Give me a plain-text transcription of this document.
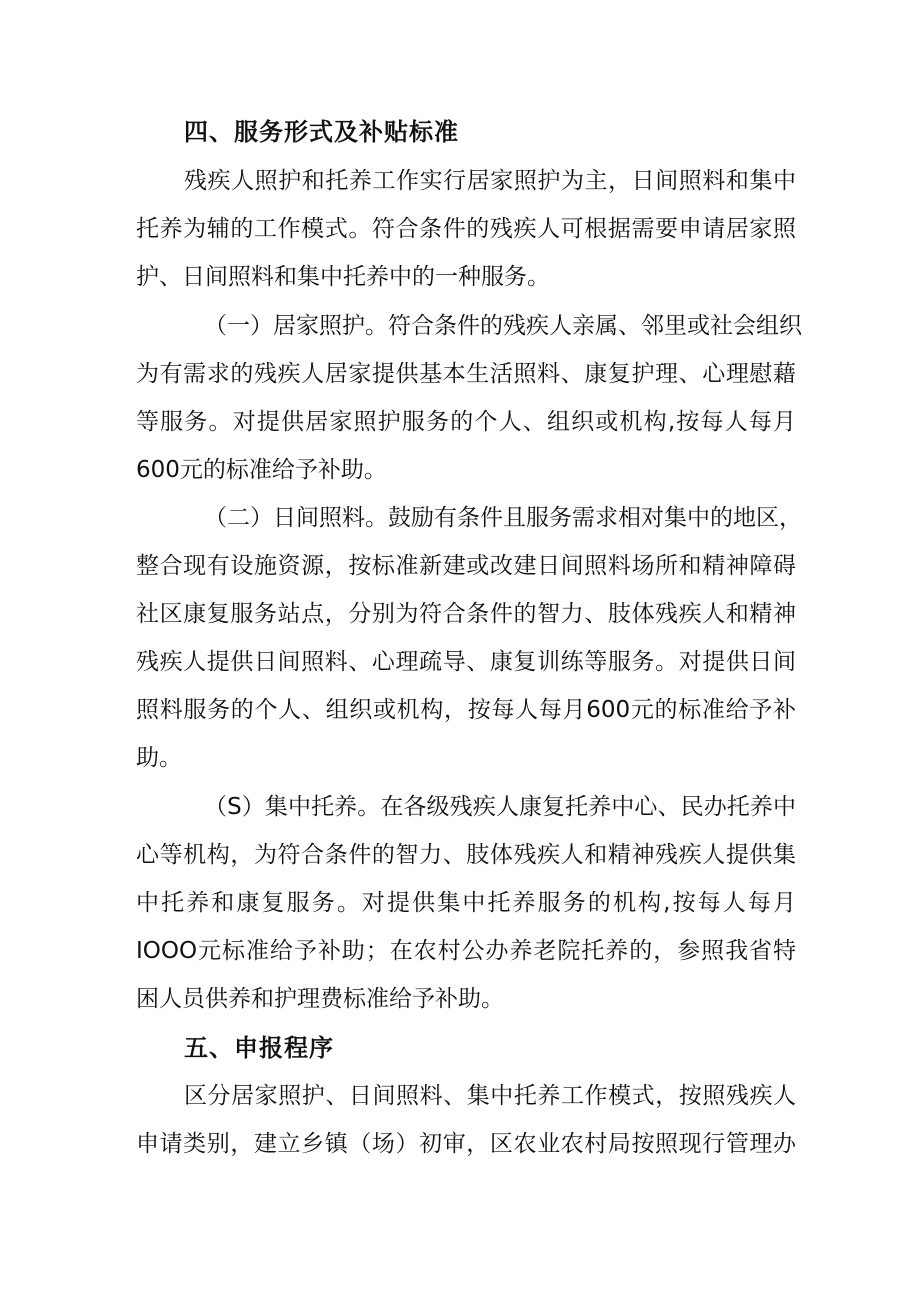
四、服务形式及补贴标准
残疾人照护和托养工作实行居家照护为主，日间照料和集中
托养为辅的工作模式。符合条件的残疾人可根据需要申请居家照
护、日间照料和集中托养中的一种服务。
（一）居家照护。符合条件的残疾人亲属、邻里或社会组织
为有需求的残疾人居家提供基本生活照料、康复护理、心理慰藉
等服务。对提供居家照护服务的个人、组织或机构,按每人每月
600元的标准给予补助。
（二）日间照料。鼓励有条件且服务需求相对集中的地区，
整合现有设施资源，按标准新建或改建日间照料场所和精神障碍
社区康复服务站点，分别为符合条件的智力、肢体残疾人和精神
残疾人提供日间照料、心理疏导、康复训练等服务。对提供日间
照料服务的个人、组织或机构，按每人每月600元的标准给予补
助。
（S）集中托养。在各级残疾人康复托养中心、民办托养中
心等机构，为符合条件的智力、肢体残疾人和精神残疾人提供集
中托养和康复服务。对提供集中托养服务的机构,按每人每月
IOOO元标准给予补助；在农村公办养老院托养的，参照我省特
困人员供养和护理费标准给予补助。
五、申报程序
区分居家照护、日间照料、集中托养工作模式，按照残疾人
申请类别，建立乡镇（场）初审，区农业农村局按照现行管理办
